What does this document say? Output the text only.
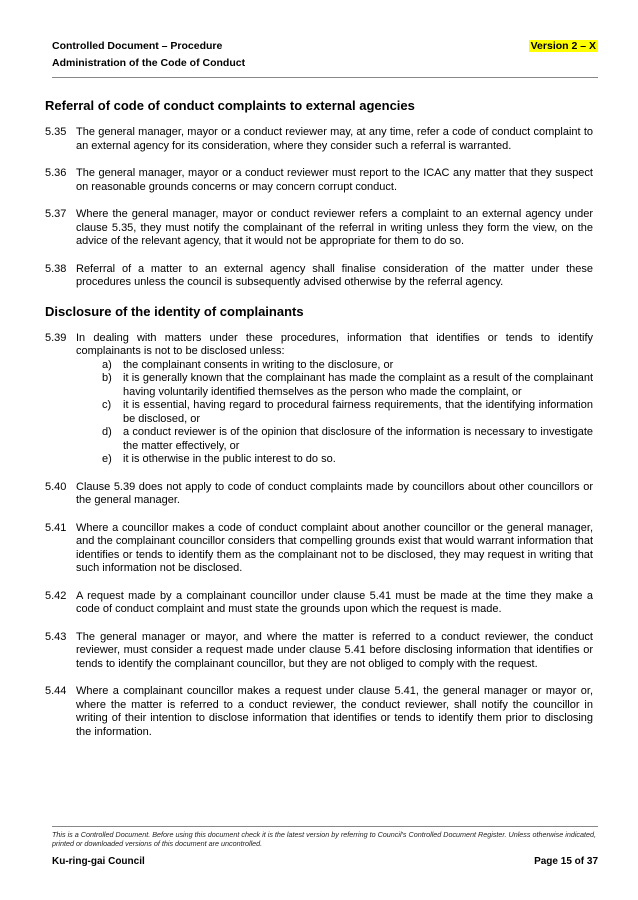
Controlled Document – Procedure	Version 2 – X
Administration of the Code of Conduct
Referral of code of conduct complaints to external agencies
5.35 The general manager, mayor or a conduct reviewer may, at any time, refer a code of conduct complaint to an external agency for its consideration, where they consider such a referral is warranted.
5.36 The general manager, mayor or a conduct reviewer must report to the ICAC any matter that they suspect on reasonable grounds concerns or may concern corrupt conduct.
5.37 Where the general manager, mayor or conduct reviewer refers a complaint to an external agency under clause 5.35, they must notify the complainant of the referral in writing unless they form the view, on the advice of the relevant agency, that it would not be appropriate for them to do so.
5.38 Referral of a matter to an external agency shall finalise consideration of the matter under these procedures unless the council is subsequently advised otherwise by the referral agency.
Disclosure of the identity of complainants
5.39 In dealing with matters under these procedures, information that identifies or tends to identify complainants is not to be disclosed unless:
a)	the complainant consents in writing to the disclosure, or
b)	it is generally known that the complainant has made the complaint as a result of the complainant having voluntarily identified themselves as the person who made the complaint, or
c)	it is essential, having regard to procedural fairness requirements, that the identifying information be disclosed, or
d)	a conduct reviewer is of the opinion that disclosure of the information is necessary to investigate the matter effectively, or
e)	it is otherwise in the public interest to do so.
5.40 Clause 5.39 does not apply to code of conduct complaints made by councillors about other councillors or the general manager.
5.41 Where a councillor makes a code of conduct complaint about another councillor or the general manager, and the complainant councillor considers that compelling grounds exist that would warrant information that identifies or tends to identify them as the complainant not to be disclosed, they may request in writing that such information not be disclosed.
5.42 A request made by a complainant councillor under clause 5.41 must be made at the time they make a code of conduct complaint and must state the grounds upon which the request is made.
5.43 The general manager or mayor, and where the matter is referred to a conduct reviewer, the conduct reviewer, must consider a request made under clause 5.41 before disclosing information that identifies or tends to identify the complainant councillor, but they are not obliged to comply with the request.
5.44 Where a complainant councillor makes a request under clause 5.41, the general manager or mayor or, where the matter is referred to a conduct reviewer, the conduct reviewer, shall notify the councillor in writing of their intention to disclose information that identifies or tends to identify them prior to disclosing the information.
This is a Controlled Document. Before using this document check it is the latest version by referring to Council's Controlled Document Register. Unless otherwise indicated, printed or downloaded versions of this document are uncontrolled.
Ku-ring-gai Council	Page 15 of 37
